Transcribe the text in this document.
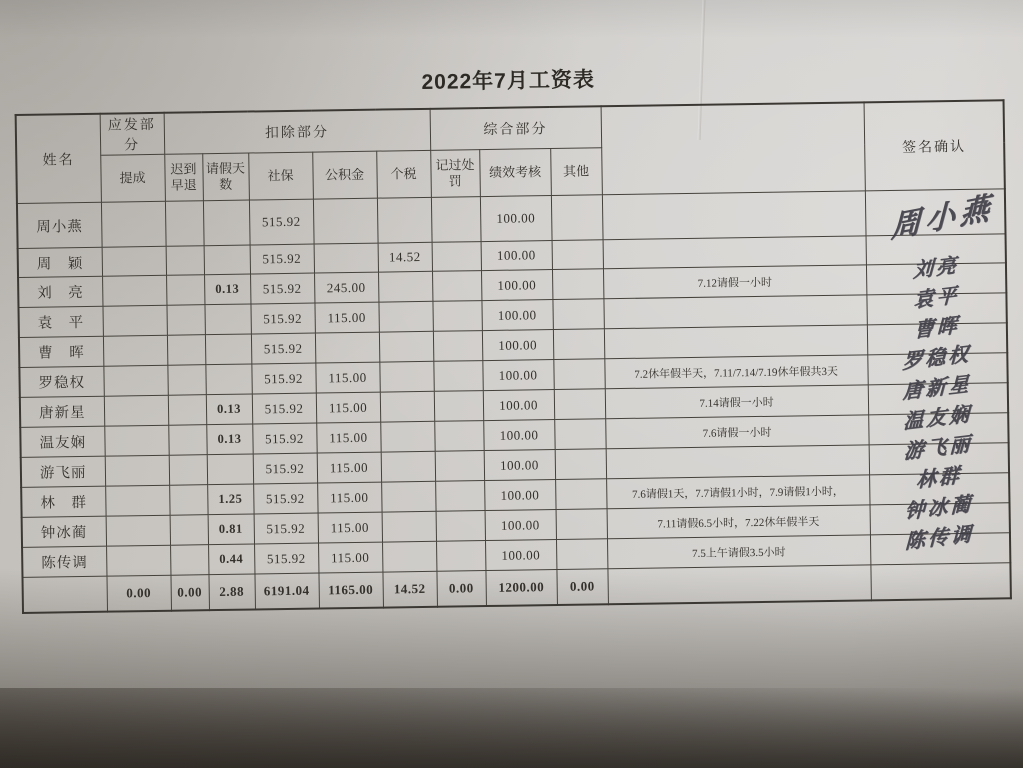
2022年7月工资表
姓名	应发部分	扣除部分					综合部分				签名确认
	提成	迟到早退	请假天数	社保	公积金	个税	记过处罚	绩效考核	其他		
周小燕				515.92				100.00			周小燕
周　颖				515.92		14.52		100.00			
刘　亮			0.13	515.92	245.00			100.00		7.12请假一小时	刘亮
袁　平				515.92	115.00			100.00			袁平
曹　晖				515.92				100.00			曹晖
罗稳权				515.92	115.00			100.00		7.2休年假半天，7.11/7.14/7.19休年假共3天	罗稳权
唐新星			0.13	515.92	115.00			100.00		7.14请假一小时	唐新星
温友娴			0.13	515.92	115.00			100.00		7.6请假一小时	温友娴
游飞丽				515.92	115.00			100.00			游飞丽
林　群			1.25	515.92	115.00			100.00		7.6请假1天，7.7请假1小时，7.9请假1小时，	林群
钟冰蔺			0.81	515.92	115.00			100.00		7.11请假6.5小时，7.22休年假半天	钟冰蔺
陈传调			0.44	515.92	115.00			100.00		7.5上午请假3.5小时	陈传调
	0.00	0.00	2.88	6191.04	1165.00	14.52	0.00	1200.00	0.00		
